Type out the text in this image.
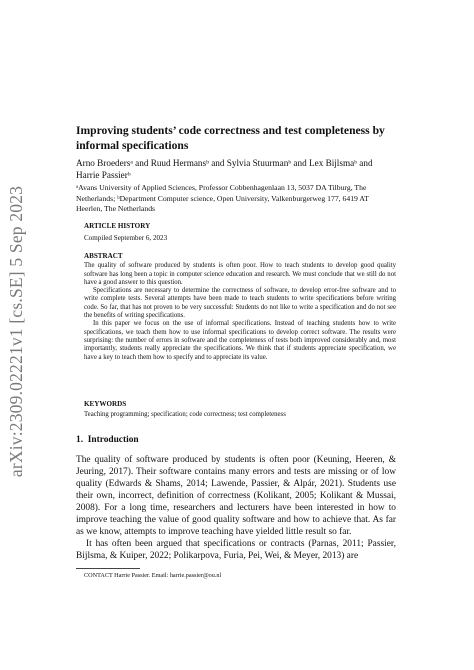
arXiv:2309.02221v1 [cs.SE] 5 Sep 2023
Improving students’ code correctness and test completeness by informal specifications
Arno Broedersᵃ and Ruud Hermansᵇ and Sylvia Stuurmanᵇ and Lex Bijlsmaᵇ and Harrie Passierᵇ
ᵃAvans University of Applied Sciences, Professor Cobbenhagenlaan 13, 5037 DA Tilburg, The Netherlands; ᵇDepartment Computer science, Open University, Valkenburgerweg 177, 6419 AT Heerlen, The Netherlands
ARTICLE HISTORY
Compiled September 6, 2023
ABSTRACT

The quality of software produced by students is often poor. How to teach students to develop good quality software has long been a topic in computer science education and research. We must conclude that we still do not have a good answer to this question.

Specifications are necessary to determine the correctness of software, to develop error-free software and to write complete tests. Several attempts have been made to teach students to write specifications before writing code. So far, that has not proven to be very successful: Students do not like to write a specification and do not see the benefits of writing specifications.

In this paper we focus on the use of informal specifications. Instead of teaching students how to write specifications, we teach them how to use informal specifications to develop correct software. The results were surprising: the number of errors in software and the completeness of tests both improved considerably and, most importantly, students really appreciate the specifications. We think that if students appreciate specification, we have a key to teach them how to specify and to appreciate its value.

KEYWORDS
Teaching programming; specification; code correctness; test completeness
1. Introduction

The quality of software produced by students is often poor (Keuning, Heeren, & Jeuring, 2017). Their software contains many errors and tests are missing or of low quality (Edwards & Shams, 2014; Lawende, Passier, & Alpár, 2021). Students use their own, incorrect, definition of correctness (Kolikant, 2005; Kolikant & Mussai, 2008). For a long time, researchers and lecturers have been interested in how to improve teaching the value of good quality software and how to achieve that. As far as we know, attempts to improve teaching have yielded little result so far.

It has often been argued that specifications or contracts (Parnas, 2011; Passier, Bijlsma, & Kuiper, 2022; Polikarpova, Furia, Pei, Wei, & Meyer, 2013) are

CONTACT Harrie Passier. Email: harrie.passier@ou.nl
